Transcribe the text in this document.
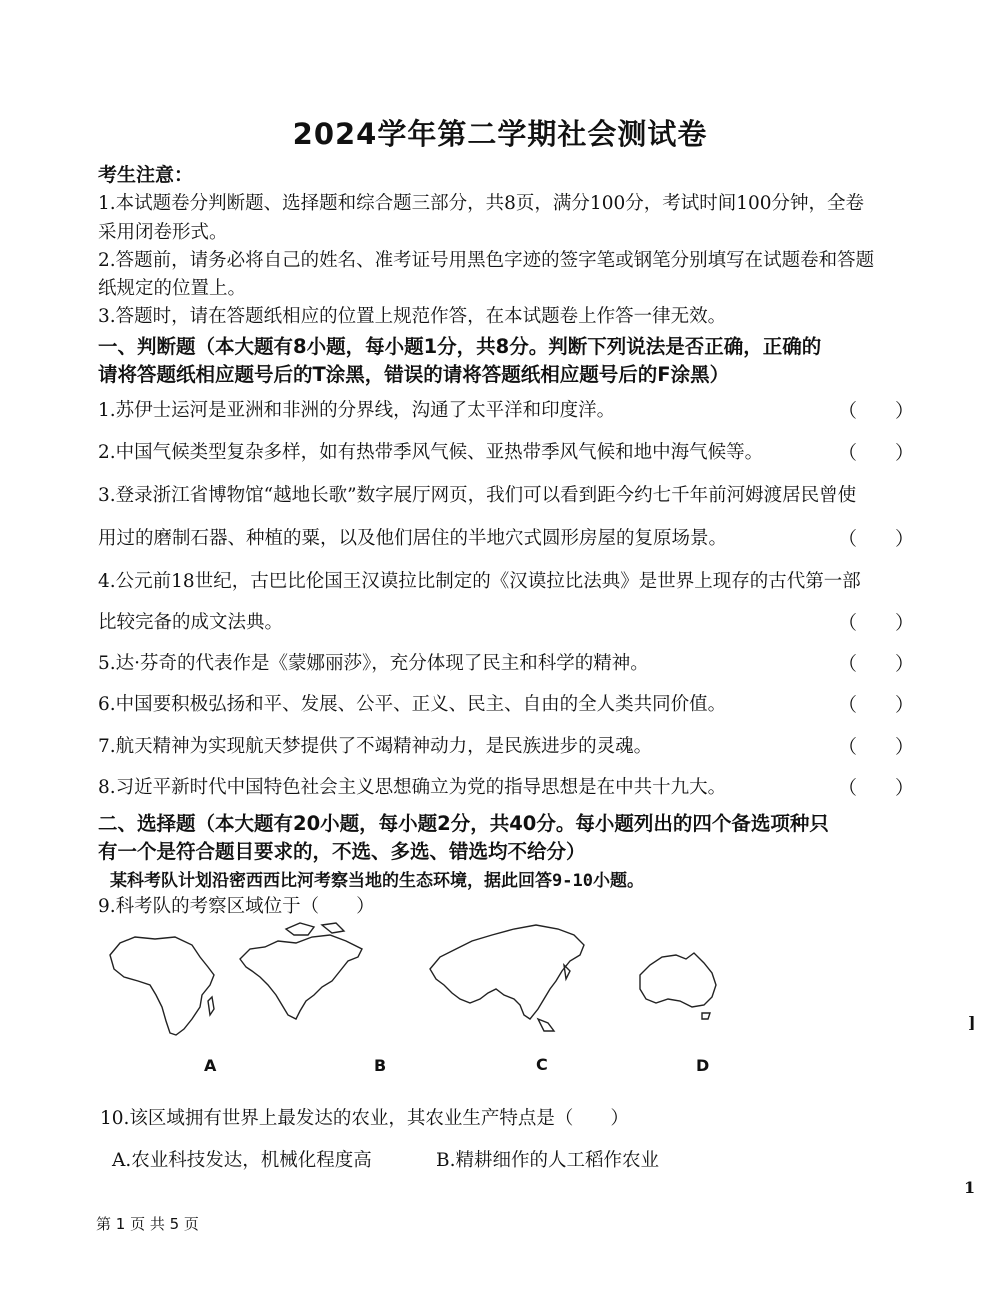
2024学年第二学期社会测试卷
考生注意：
1.本试题卷分判断题、选择题和综合题三部分，共8页，满分100分，考试时间100分钟，全卷
采用闭卷形式。
2.答题前，请务必将自己的姓名、准考证号用黑色字迹的签字笔或钢笔分别填写在试题卷和答题
纸规定的位置上。
3.答题时，请在答题纸相应的位置上规范作答，在本试题卷上作答一律无效。
一、判断题（本大题有8小题，每小题1分，共8分。判断下列说法是否正确，正确的
请将答题纸相应题号后的T涂黑，错误的请将答题纸相应题号后的F涂黑）
1.苏伊士运河是亚洲和非洲的分界线，沟通了太平洋和印度洋。	（　　）
2.中国气候类型复杂多样，如有热带季风气候、亚热带季风气候和地中海气候等。	（　　）
3.登录浙江省博物馆“越地长歌”数字展厅网页，我们可以看到距今约七千年前河姆渡居民曾使
用过的磨制石器、种植的粟，以及他们居住的半地穴式圆形房屋的复原场景。	（　　）
4.公元前18世纪，古巴比伦国王汉谟拉比制定的《汉谟拉比法典》是世界上现存的古代第一部
比较完备的成文法典。	（　　）
5.达·芬奇的代表作是《蒙娜丽莎》，充分体现了民主和科学的精神。	（　　）
6.中国要积极弘扬和平、发展、公平、正义、民主、自由的全人类共同价值。	（　　）
7.航天精神为实现航天梦提供了不竭精神动力，是民族进步的灵魂。	（　　）
8.习近平新时代中国特色社会主义思想确立为党的指导思想是在中共十九大。	（　　）
二、选择题（本大题有20小题，每小题2分，共40分。每小题列出的四个备选项种只
有一个是符合题目要求的，不选、多选、错选均不给分）
某科考队计划沿密西西比河考察当地的生态环境，据此回答9-10小题。
9.科考队的考察区域位于（　　）
A	B	C	D
10.该区域拥有世界上最发达的农业，其农业生产特点是（　　）
A.农业科技发达，机械化程度高	B.精耕细作的人工稻作农业
第 1 页 共 5 页
]
1
